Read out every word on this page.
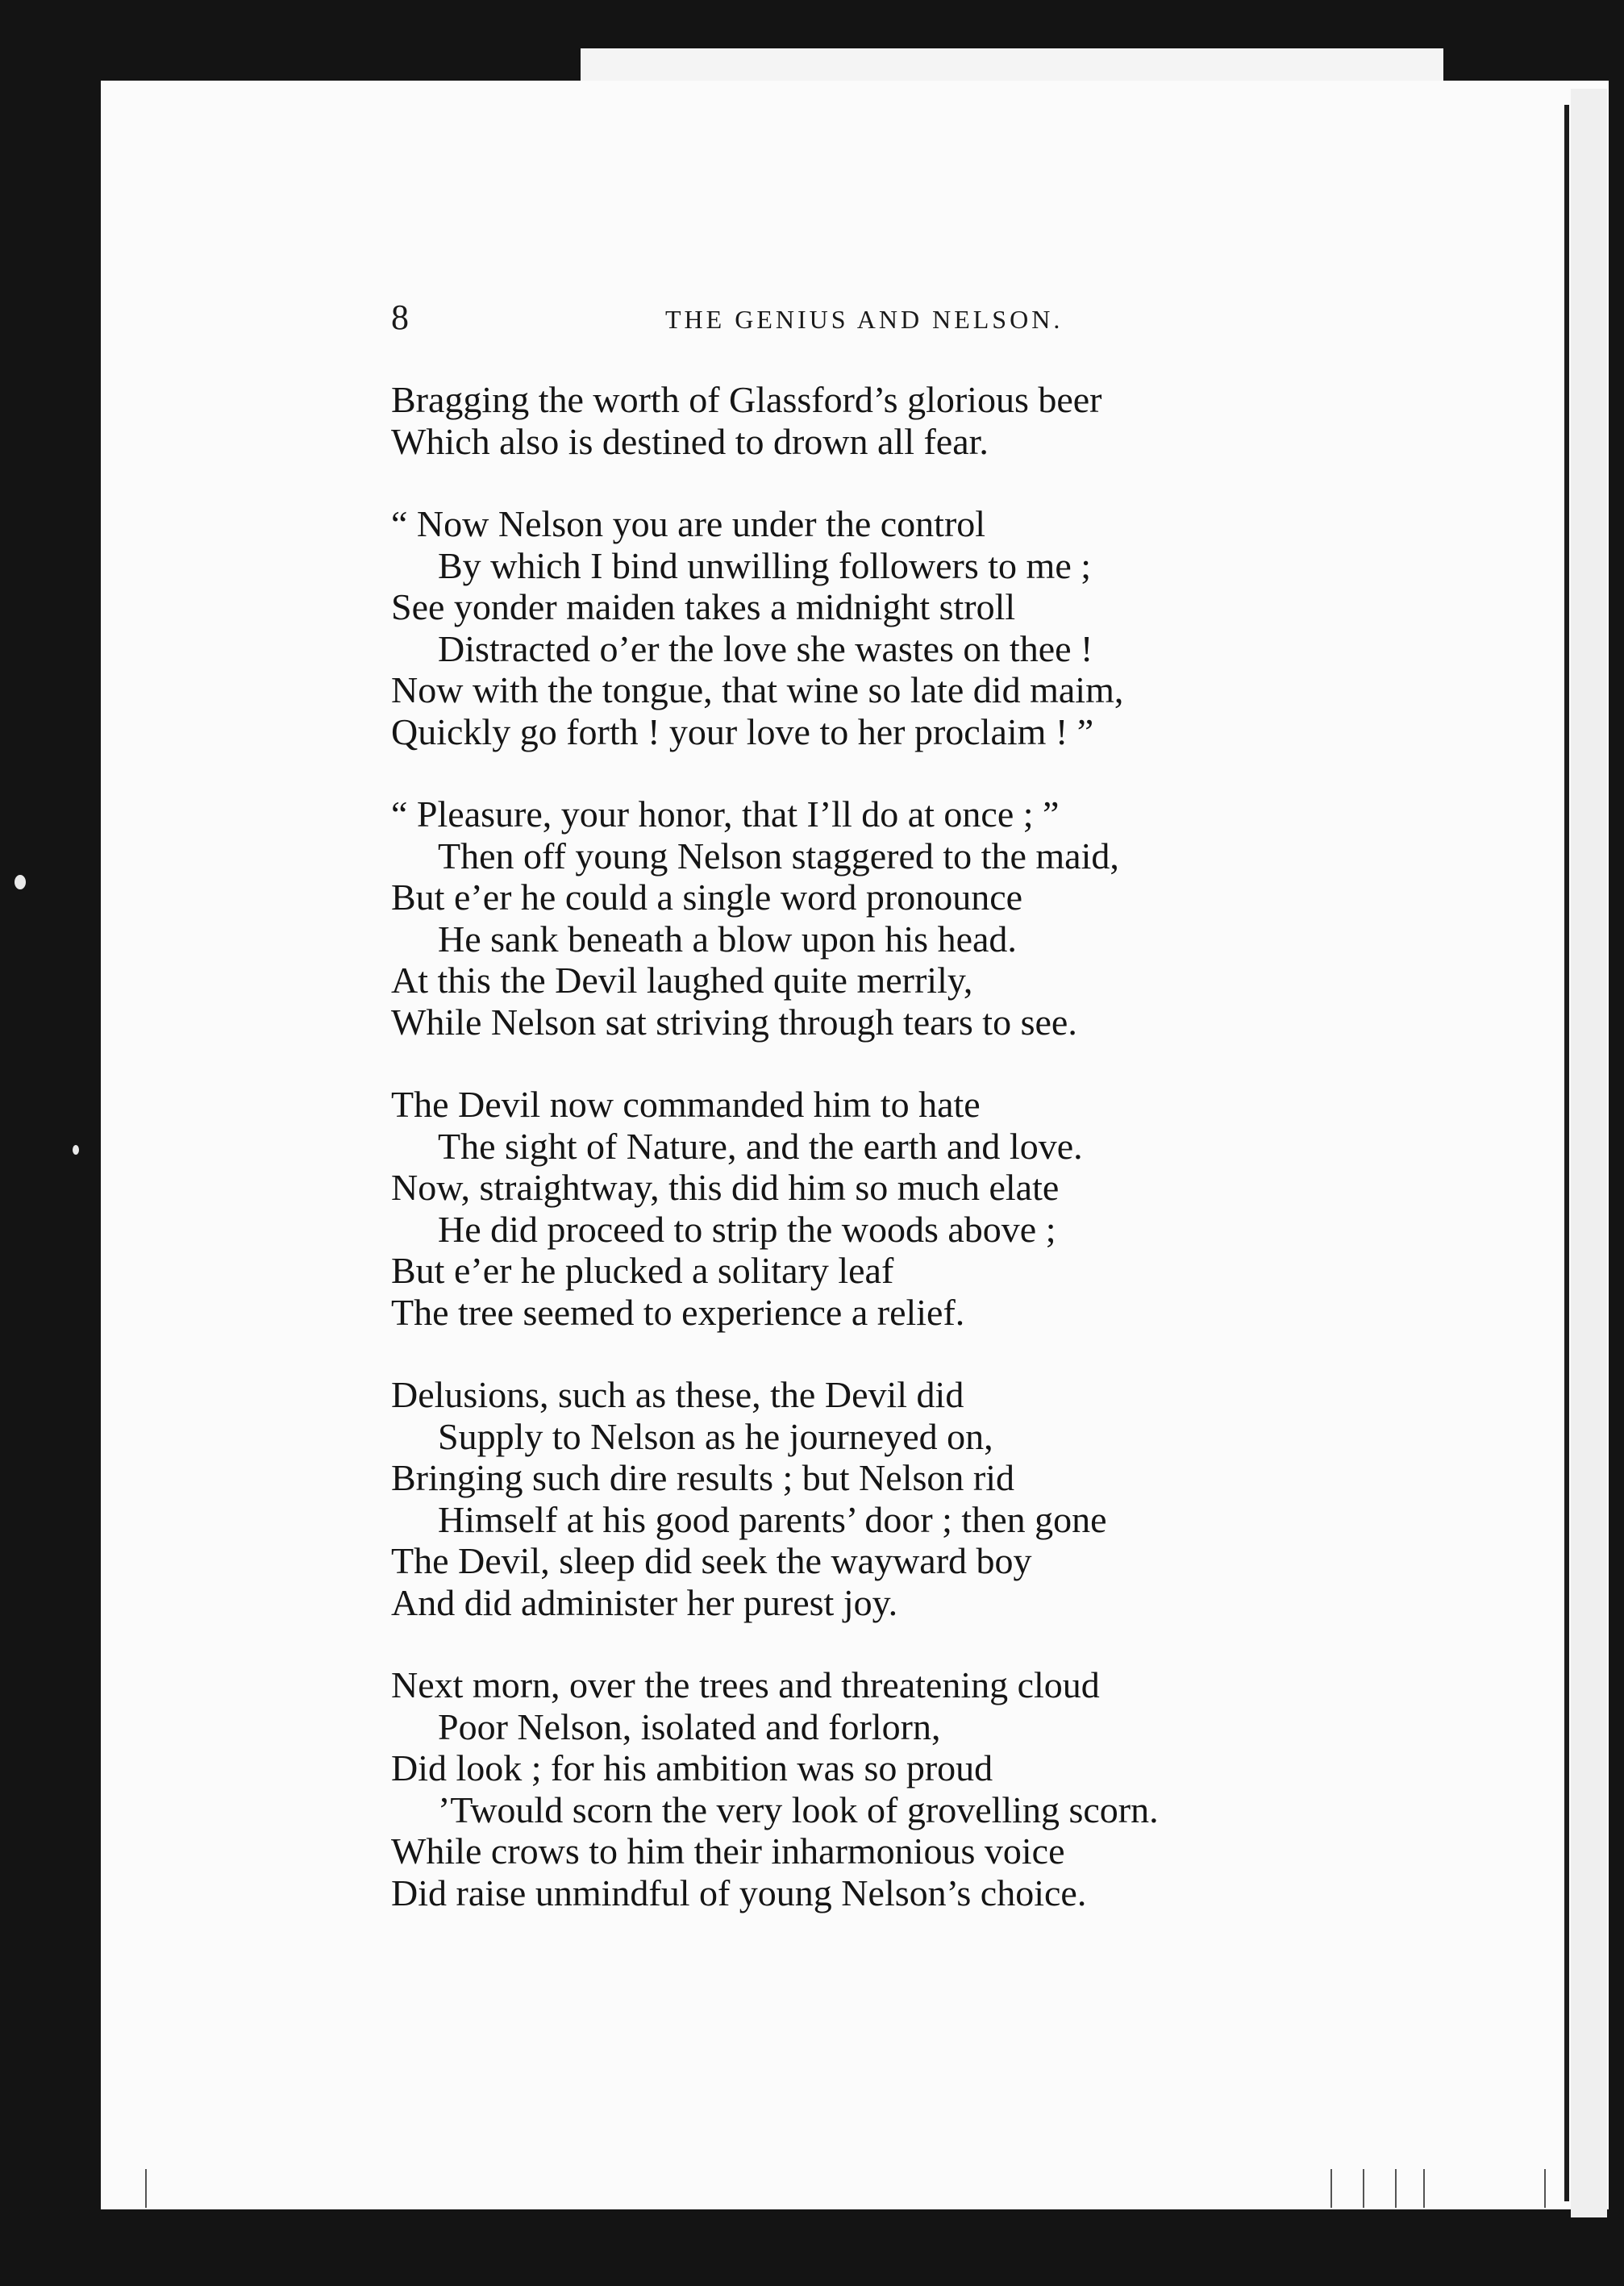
8	THE GENIUS AND NELSON.
Bragging the worth of Glassford’s glorious beer
Which also is destined to drown all fear.
“ Now Nelson you are under the control
By which I bind unwilling followers to me ;
See yonder maiden takes a midnight stroll
Distracted o’er the love she wastes on thee !
Now with the tongue, that wine so late did maim,
Quickly go forth ! your love to her proclaim ! ”
“ Pleasure, your honor, that I’ll do at once ; ”
Then off young Nelson staggered to the maid,
But e’er he could a single word pronounce
He sank beneath a blow upon his head.
At this the Devil laughed quite merrily,
While Nelson sat striving through tears to see.
The Devil now commanded him to hate
The sight of Nature, and the earth and love.
Now, straightway, this did him so much elate
He did proceed to strip the woods above ;
But e’er he plucked a solitary leaf
The tree seemed to experience a relief.
Delusions, such as these, the Devil did
Supply to Nelson as he journeyed on,
Bringing such dire results ; but Nelson rid
Himself at his good parents’ door ; then gone
The Devil, sleep did seek the wayward boy
And did administer her purest joy.
Next morn, over the trees and threatening cloud
Poor Nelson, isolated and forlorn,
Did look ; for his ambition was so proud
’Twould scorn the very look of grovelling scorn.
While crows to him their inharmonious voice
Did raise unmindful of young Nelson’s choice.
